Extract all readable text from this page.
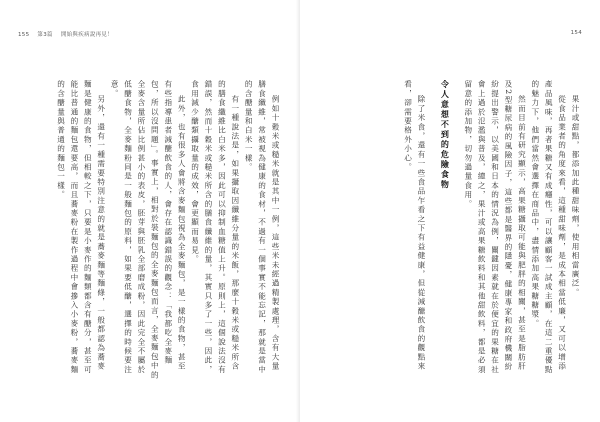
155 第3篇 開始與疾病說再見！

例如十穀米或糙米就是其中一例，這些米未經過精製處理，含有大量膳食纖維，常被視為健康的食材，不過有一個事實不能忘記，那就是當中的含醣量和白米一樣。

有一種說法是，如果攝取因纖維分量的米飯，那麼十穀米或糙米所含的膳食纖維比白米多，因此可以抑制血糖值上升。原則上，這個說法沒有錯誤，然而十穀米或糙米所含的膳食纖維的量，其實只多了一些，因此，食用減少醣類攝取量的成效，會更顯而易見。

此外，也有很多人會將含麥麵包視為全麥麵包，是一樣的食物，甚至有些指導患者減醣飲食的人，會存在認識錯誤的觀念：「我都吃全麥麵包，所以沒問題」。事實上，相對於裝麵包的全麥麵包而言，全麥麵包中的全麥含量所佔比例甚小的表皮，胚芽與胚乳全部磨成粉，因此完全不屬於低醣食物，全麥麵粉同是一般麵包的原料，如果要低醣，選擇的時候要注意。

另外，還有一種需要特別注意的就是蕎麥麵等麵條，一般都認為蕎麥麵是健康的食物，但相較之下，只要是小麥作的麵類都含有醣分，甚至可能比普通的麵包還要高，而且蕎麥粉在製作過程中會摻入小麥粉，蕎麥麵的含醣量與普通的麵包一樣。

154

果汁或甜點，都添加此種甜味劑，使用相當廣泛。

從食品業者的角度來看，這種甜味劑，是成本相當低廉，又可以增添產品風味，再者果糖又有成癮性，可以讓顧客一試成主顧，在這二重優點的魅力下，他們當然會選擇在商品中，盡情添加高果糖糖漿。

然而目前有研究顯示，高果糖攝取可能與肥胖的相關，甚至是脂肪肝及2型糖尿病的風險因子，這些都是醫界的隱憂，健康專家和政府機關紛紛提出警示，以美國和日本的情況為例，關鍵因素就在於便宜的果糖在社會上過於氾濫與普及，總之，果汁或高果糖飲料和其他甜飲料，都是必須留意的添加物，切勿過量食用。

令人意想不到的危險食物

除了米食，還有一些食品乍看之下有益健康，但從減醣飲食的觀點來看，卻需要格外小心。
